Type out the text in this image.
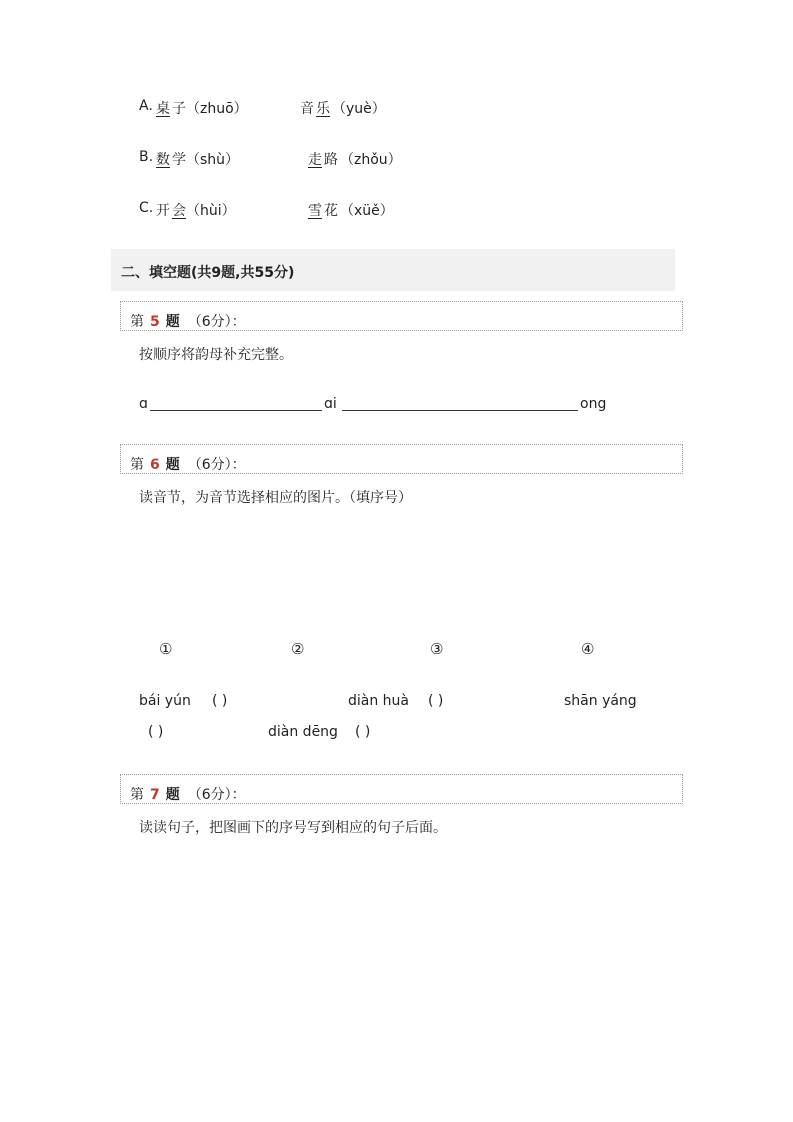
A. 桌 子 （zhuō）	音 乐 （yuè）
B. 数 学 （shù）	走 路 （zhǒu）
C. 开 会 （hùi）	雪 花 （xüě）
二、填空题(共9题,共55分)
第 5 题 （6分）：
按顺序将韵母补充完整。
ɑ	ɑi	ong
第 6 题 （6分）：
读音节，为音节选择相应的图片。（填序号）
①	②	③	④
bái yún ( )	diàn huà ( )	shān yáng
( )	diàn dēng ( )
第 7 题 （6分）：
读读句子，把图画下的序号写到相应的句子后面。
